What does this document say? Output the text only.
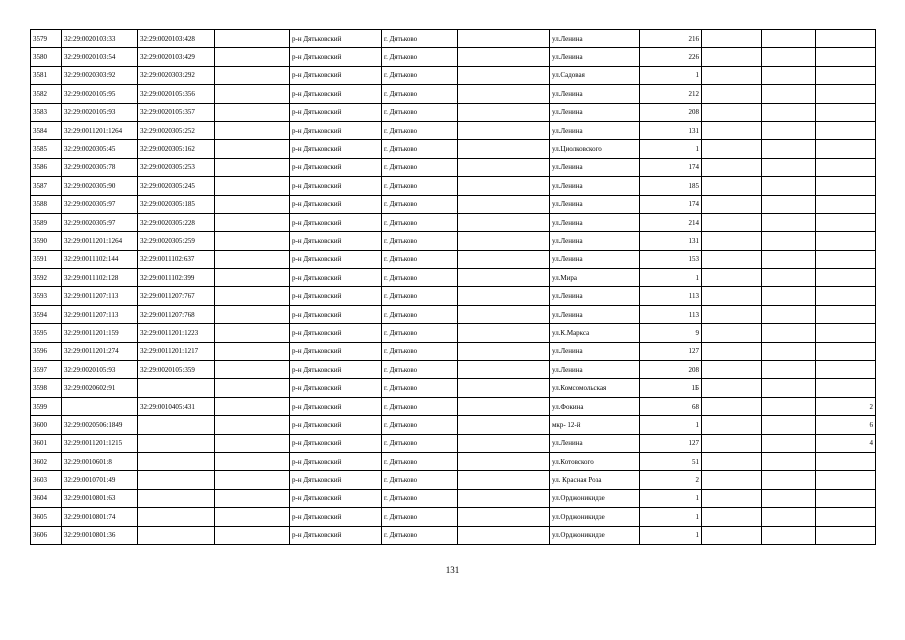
3579	32:29:0020103:33	32:29:0020103:428		р-н Дятьковский	г. Дятьково		ул.Ленина	216			
3580	32:29:0020103:54	32:29:0020103:429		р-н Дятьковский	г. Дятьково		ул.Ленина	226			
3581	32:29:0020303:92	32:29:0020303:292		р-н Дятьковский	г. Дятьково		ул.Садовая	1			
3582	32:29:0020105:95	32:29:0020105:356		р-н Дятьковский	г. Дятьково		ул.Ленина	212			
3583	32:29:0020105:93	32:29:0020105:357		р-н Дятьковский	г. Дятьково		ул.Ленина	208			
3584	32:29:0011201:1264	32:29:0020305:252		р-н Дятьковский	г. Дятьково		ул.Ленина	131			
3585	32:29:0020305:45	32:29:0020305:162		р-н Дятьковский	г. Дятьково		ул.Циолковского	1			
3586	32:29:0020305:78	32:29:0020305:253		р-н Дятьковский	г. Дятьково		ул.Ленина	174			
3587	32:29:0020305:90	32:29:0020305:245		р-н Дятьковский	г. Дятьково		ул.Ленина	185			
3588	32:29:0020305:97	32:29:0020305:185		р-н Дятьковский	г. Дятьково		ул.Ленина	174			
3589	32:29:0020305:97	32:29:0020305:228		р-н Дятьковский	г. Дятьково		ул.Ленина	214			
3590	32:29:0011201:1264	32:29:0020305:259		р-н Дятьковский	г. Дятьково		ул.Ленина	131			
3591	32:29:0011102:144	32:29:0011102:637		р-н Дятьковский	г. Дятьково		ул.Ленина	153			
3592	32:29:0011102:128	32:29:0011102:399		р-н Дятьковский	г. Дятьково		ул.Мира	1			
3593	32:29:0011207:113	32:29:0011207:767		р-н Дятьковский	г. Дятьково		ул.Ленина	113			
3594	32:29:0011207:113	32:29:0011207:768		р-н Дятьковский	г. Дятьково		ул.Ленина	113			
3595	32:29:0011201:159	32:29:0011201:1223		р-н Дятьковский	г. Дятьково		ул.К.Маркса	9			
3596	32:29:0011201:274	32:29:0011201:1217		р-н Дятьковский	г. Дятьково		ул.Ленина	127			
3597	32:29:0020105:93	32:29:0020105:359		р-н Дятьковский	г. Дятьково		ул.Ленина	208			
3598	32:29:0020602:91			р-н Дятьковский	г. Дятьково		ул.Комсомольская	1Б			
3599		32:29:0010405:431		р-н Дятьковский	г. Дятьково		ул.Фокина	68			2
3600	32:29:0020506:1849			р-н Дятьковский	г. Дятьково		мкр- 12-й	1			6
3601	32:29:0011201:1215			р-н Дятьковский	г. Дятьково		ул.Ленина	127			4
3602	32:29:0010601:8			р-н Дятьковский	г. Дятьково		ул.Котовского	51			
3603	32:29:0010701:49			р-н Дятьковский	г. Дятьково		ул. Красная Роза	2			
3604	32:29:0010801:63			р-н Дятьковский	г. Дятьково		ул.Орджоникидзе	1			
3605	32:29:0010801:74			р-н Дятьковский	г. Дятьково		ул.Орджоникидзе	1			
3606	32:29:0010801:36			р-н Дятьковский	г. Дятьково		ул.Орджоникидзе	1			
131
